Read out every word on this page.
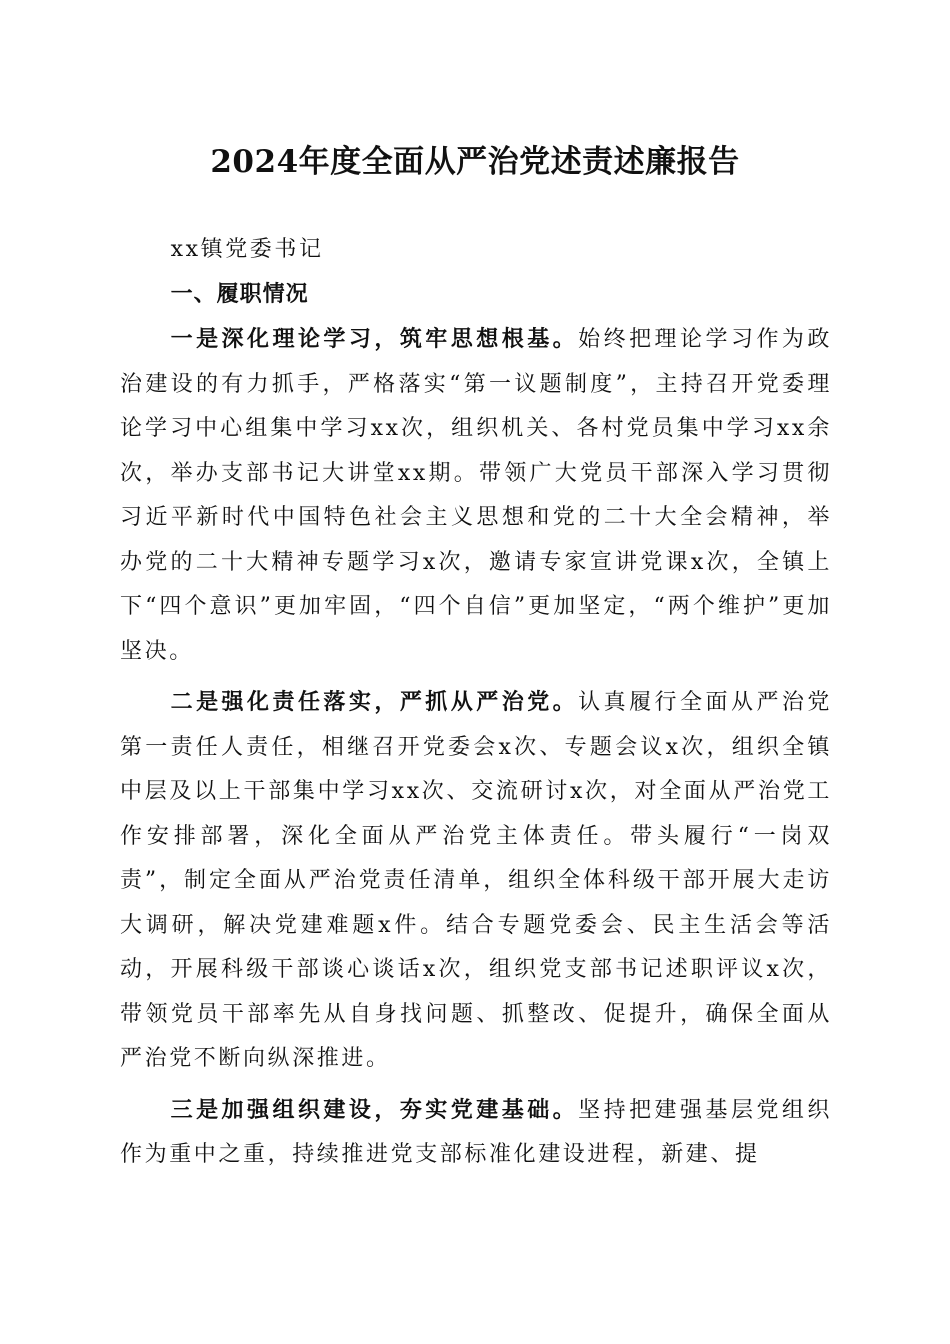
2024年度全面从严治党述责述廉报告
xx镇党委书记
一、履职情况

一是深化理论学习，筑牢思想根基。始终把理论学习作为政治建设的有力抓手，严格落实“第一议题制度”，主持召开党委理论学习中心组集中学习xx次，组织机关、各村党员集中学习xx余次，举办支部书记大讲堂xx期。带领广大党员干部深入学习贯彻习近平新时代中国特色社会主义思想和党的二十大全会精神，举办党的二十大精神专题学习x次，邀请专家宣讲党课x次，全镇上下“四个意识”更加牢固，“四个自信”更加坚定，“两个维护”更加坚决。

二是强化责任落实，严抓从严治党。认真履行全面从严治党第一责任人责任，相继召开党委会x次、专题会议x次，组织全镇中层及以上干部集中学习xx次、交流研讨x次，对全面从严治党工作安排部署，深化全面从严治党主体责任。带头履行“一岗双责”，制定全面从严治党责任清单，组织全体科级干部开展大走访大调研，解决党建难题x件。结合专题党委会、民主生活会等活动，开展科级干部谈心谈话x次，组织党支部书记述职评议x次，带领党员干部率先从自身找问题、抓整改、促提升，确保全面从严治党不断向纵深推进。

三是加强组织建设，夯实党建基础。坚持把建强基层党组织作为重中之重，持续推进党支部标准化建设进程，新建、提
